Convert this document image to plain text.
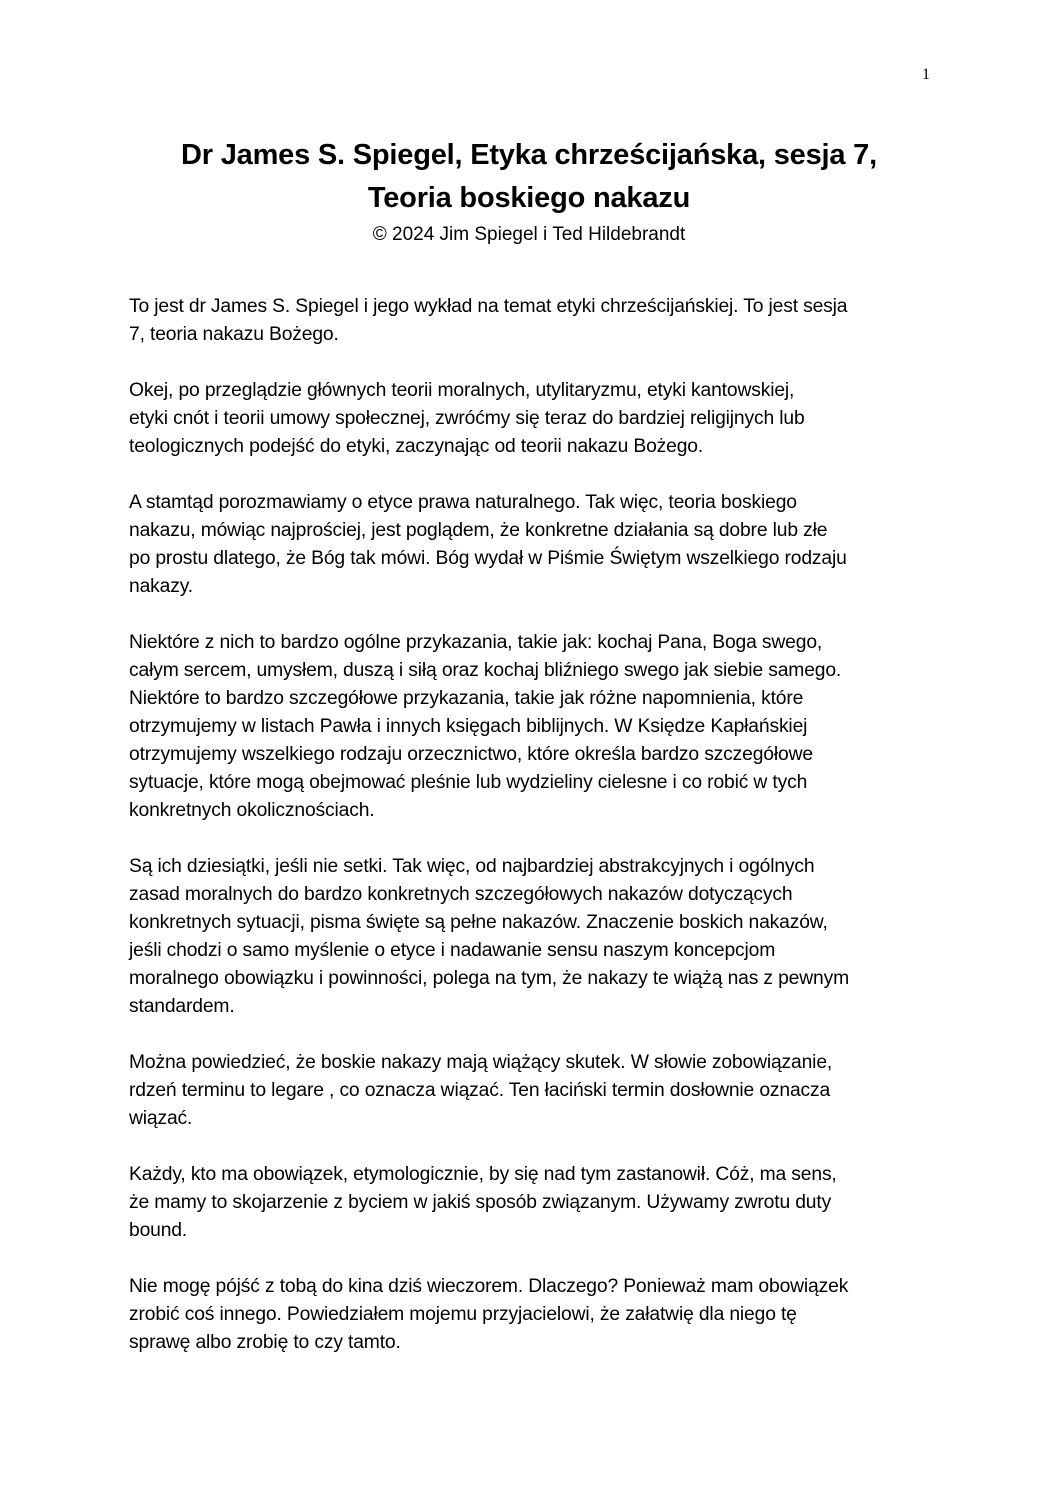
1
Dr James S. Spiegel, Etyka chrześcijańska, sesja 7,
Teoria boskiego nakazu
© 2024 Jim Spiegel i Ted Hildebrandt

To jest dr James S. Spiegel i jego wykład na temat etyki chrześcijańskiej. To jest sesja
7, teoria nakazu Bożego.

Okej, po przeglądzie głównych teorii moralnych, utylitaryzmu, etyki kantowskiej,
etyki cnót i teorii umowy społecznej, zwróćmy się teraz do bardziej religijnych lub
teologicznych podejść do etyki, zaczynając od teorii nakazu Bożego.

A stamtąd porozmawiamy o etyce prawa naturalnego. Tak więc, teoria boskiego
nakazu, mówiąc najprościej, jest poglądem, że konkretne działania są dobre lub złe
po prostu dlatego, że Bóg tak mówi. Bóg wydał w Piśmie Świętym wszelkiego rodzaju
nakazy.

Niektóre z nich to bardzo ogólne przykazania, takie jak: kochaj Pana, Boga swego,
całym sercem, umysłem, duszą i siłą oraz kochaj bliźniego swego jak siebie samego.
Niektóre to bardzo szczegółowe przykazania, takie jak różne napomnienia, które
otrzymujemy w listach Pawła i innych księgach biblijnych. W Księdze Kapłańskiej
otrzymujemy wszelkiego rodzaju orzecznictwo, które określa bardzo szczegółowe
sytuacje, które mogą obejmować pleśnie lub wydzieliny cielesne i co robić w tych
konkretnych okolicznościach.

Są ich dziesiątki, jeśli nie setki. Tak więc, od najbardziej abstrakcyjnych i ogólnych
zasad moralnych do bardzo konkretnych szczegółowych nakazów dotyczących
konkretnych sytuacji, pisma święte są pełne nakazów. Znaczenie boskich nakazów,
jeśli chodzi o samo myślenie o etyce i nadawanie sensu naszym koncepcjom
moralnego obowiązku i powinności, polega na tym, że nakazy te wiążą nas z pewnym
standardem.

Można powiedzieć, że boskie nakazy mają wiążący skutek. W słowie zobowiązanie,
rdzeń terminu to legare , co oznacza wiązać. Ten łaciński termin dosłownie oznacza
wiązać.

Każdy, kto ma obowiązek, etymologicznie, by się nad tym zastanowił. Cóż, ma sens,
że mamy to skojarzenie z byciem w jakiś sposób związanym. Używamy zwrotu duty
bound.

Nie mogę pójść z tobą do kina dziś wieczorem. Dlaczego? Ponieważ mam obowiązek
zrobić coś innego. Powiedziałem mojemu przyjacielowi, że załatwię dla niego tę
sprawę albo zrobię to czy tamto.
